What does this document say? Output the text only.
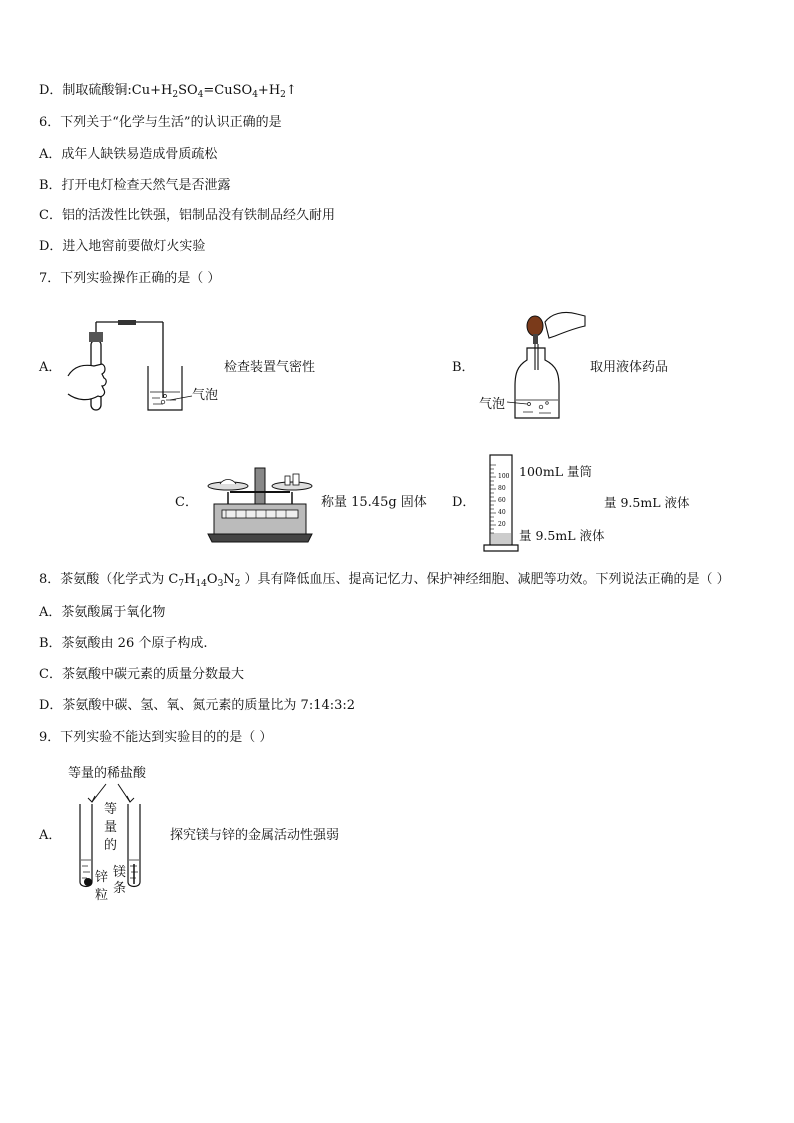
D．制取硫酸铜$:Cu+H_2SO_4=CuSO_4+H_2↑$
6．下列关于“化学与生活”的认识正确的是
A．成年人缺铁易造成骨质疏松
B．打开电灯检查天然气是否泄露
C．铝的活泼性比铁强，铝制品没有铁制品经久耐用
D．进入地窖前要做灯火实验
7．下列实验操作正确的是（ ）
A．
气泡
检查装置气密性	B．
气泡
取用液体药品
C．	称量 15.45g 固体 D．
100
80
60
40
20
100mL 量筒
量 9.5mL 液体
量 9.5mL 液体
8．茶氨酸（化学式为 $C_7H_{14}O_3N_2$ ）具有降低血压、提高记忆力、保护神经细胞、减肥等功效。下列说法正确的是（ ）
A．茶氨酸属于氧化物
B．茶氨酸由 26 个原子构成.
C．茶氨酸中碳元素的质量分数最大
D．茶氨酸中碳、氢、氧、氮元素的质量比为 7:14:3:2
9．下列实验不能达到实验目的的是（ ）
A．
等量的稀盐酸
等
量
的
锌
粒
镁
条
探究镁与锌的金属活动性强弱
